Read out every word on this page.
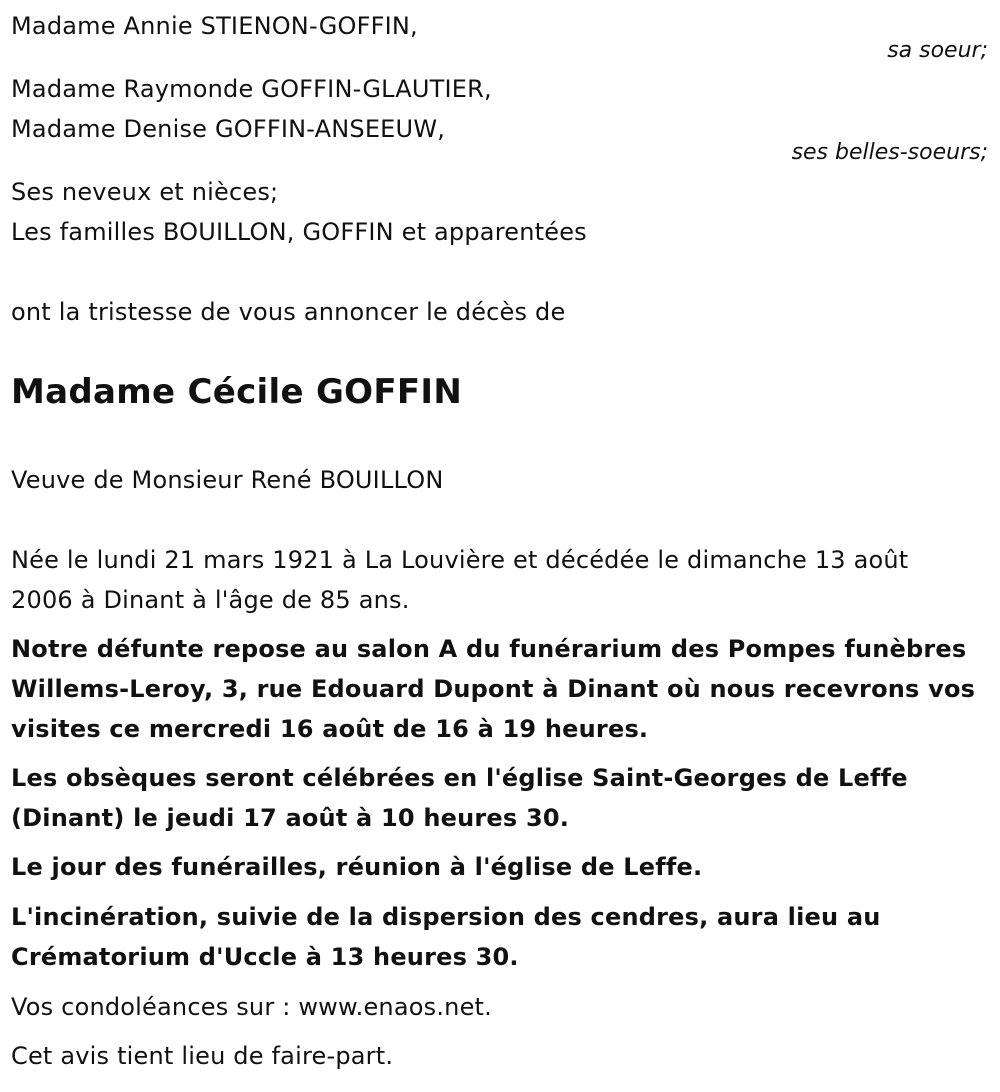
Madame Annie STIENON-GOFFIN,
sa soeur;
Madame Raymonde GOFFIN-GLAUTIER,
Madame Denise GOFFIN-ANSEEUW,
ses belles-soeurs;
Ses neveux et nièces;
Les familles BOUILLON, GOFFIN et apparentées
ont la tristesse de vous annoncer le décès de
Madame Cécile GOFFIN
Veuve de Monsieur René BOUILLON
Née le lundi 21 mars 1921 à La Louvière et décédée le dimanche 13 août
2006 à Dinant à l'âge de 85 ans.
Notre défunte repose au salon A du funérarium des Pompes funèbres
Willems-Leroy, 3, rue Edouard Dupont à Dinant où nous recevrons vos
visites ce mercredi 16 août de 16 à 19 heures.
Les obsèques seront célébrées en l'église Saint-Georges de Leffe
(Dinant) le jeudi 17 août à 10 heures 30.
Le jour des funérailles, réunion à l'église de Leffe.
L'incinération, suivie de la dispersion des cendres, aura lieu au
Crématorium d'Uccle à 13 heures 30.
Vos condoléances sur : www.enaos.net.
Cet avis tient lieu de faire-part.
